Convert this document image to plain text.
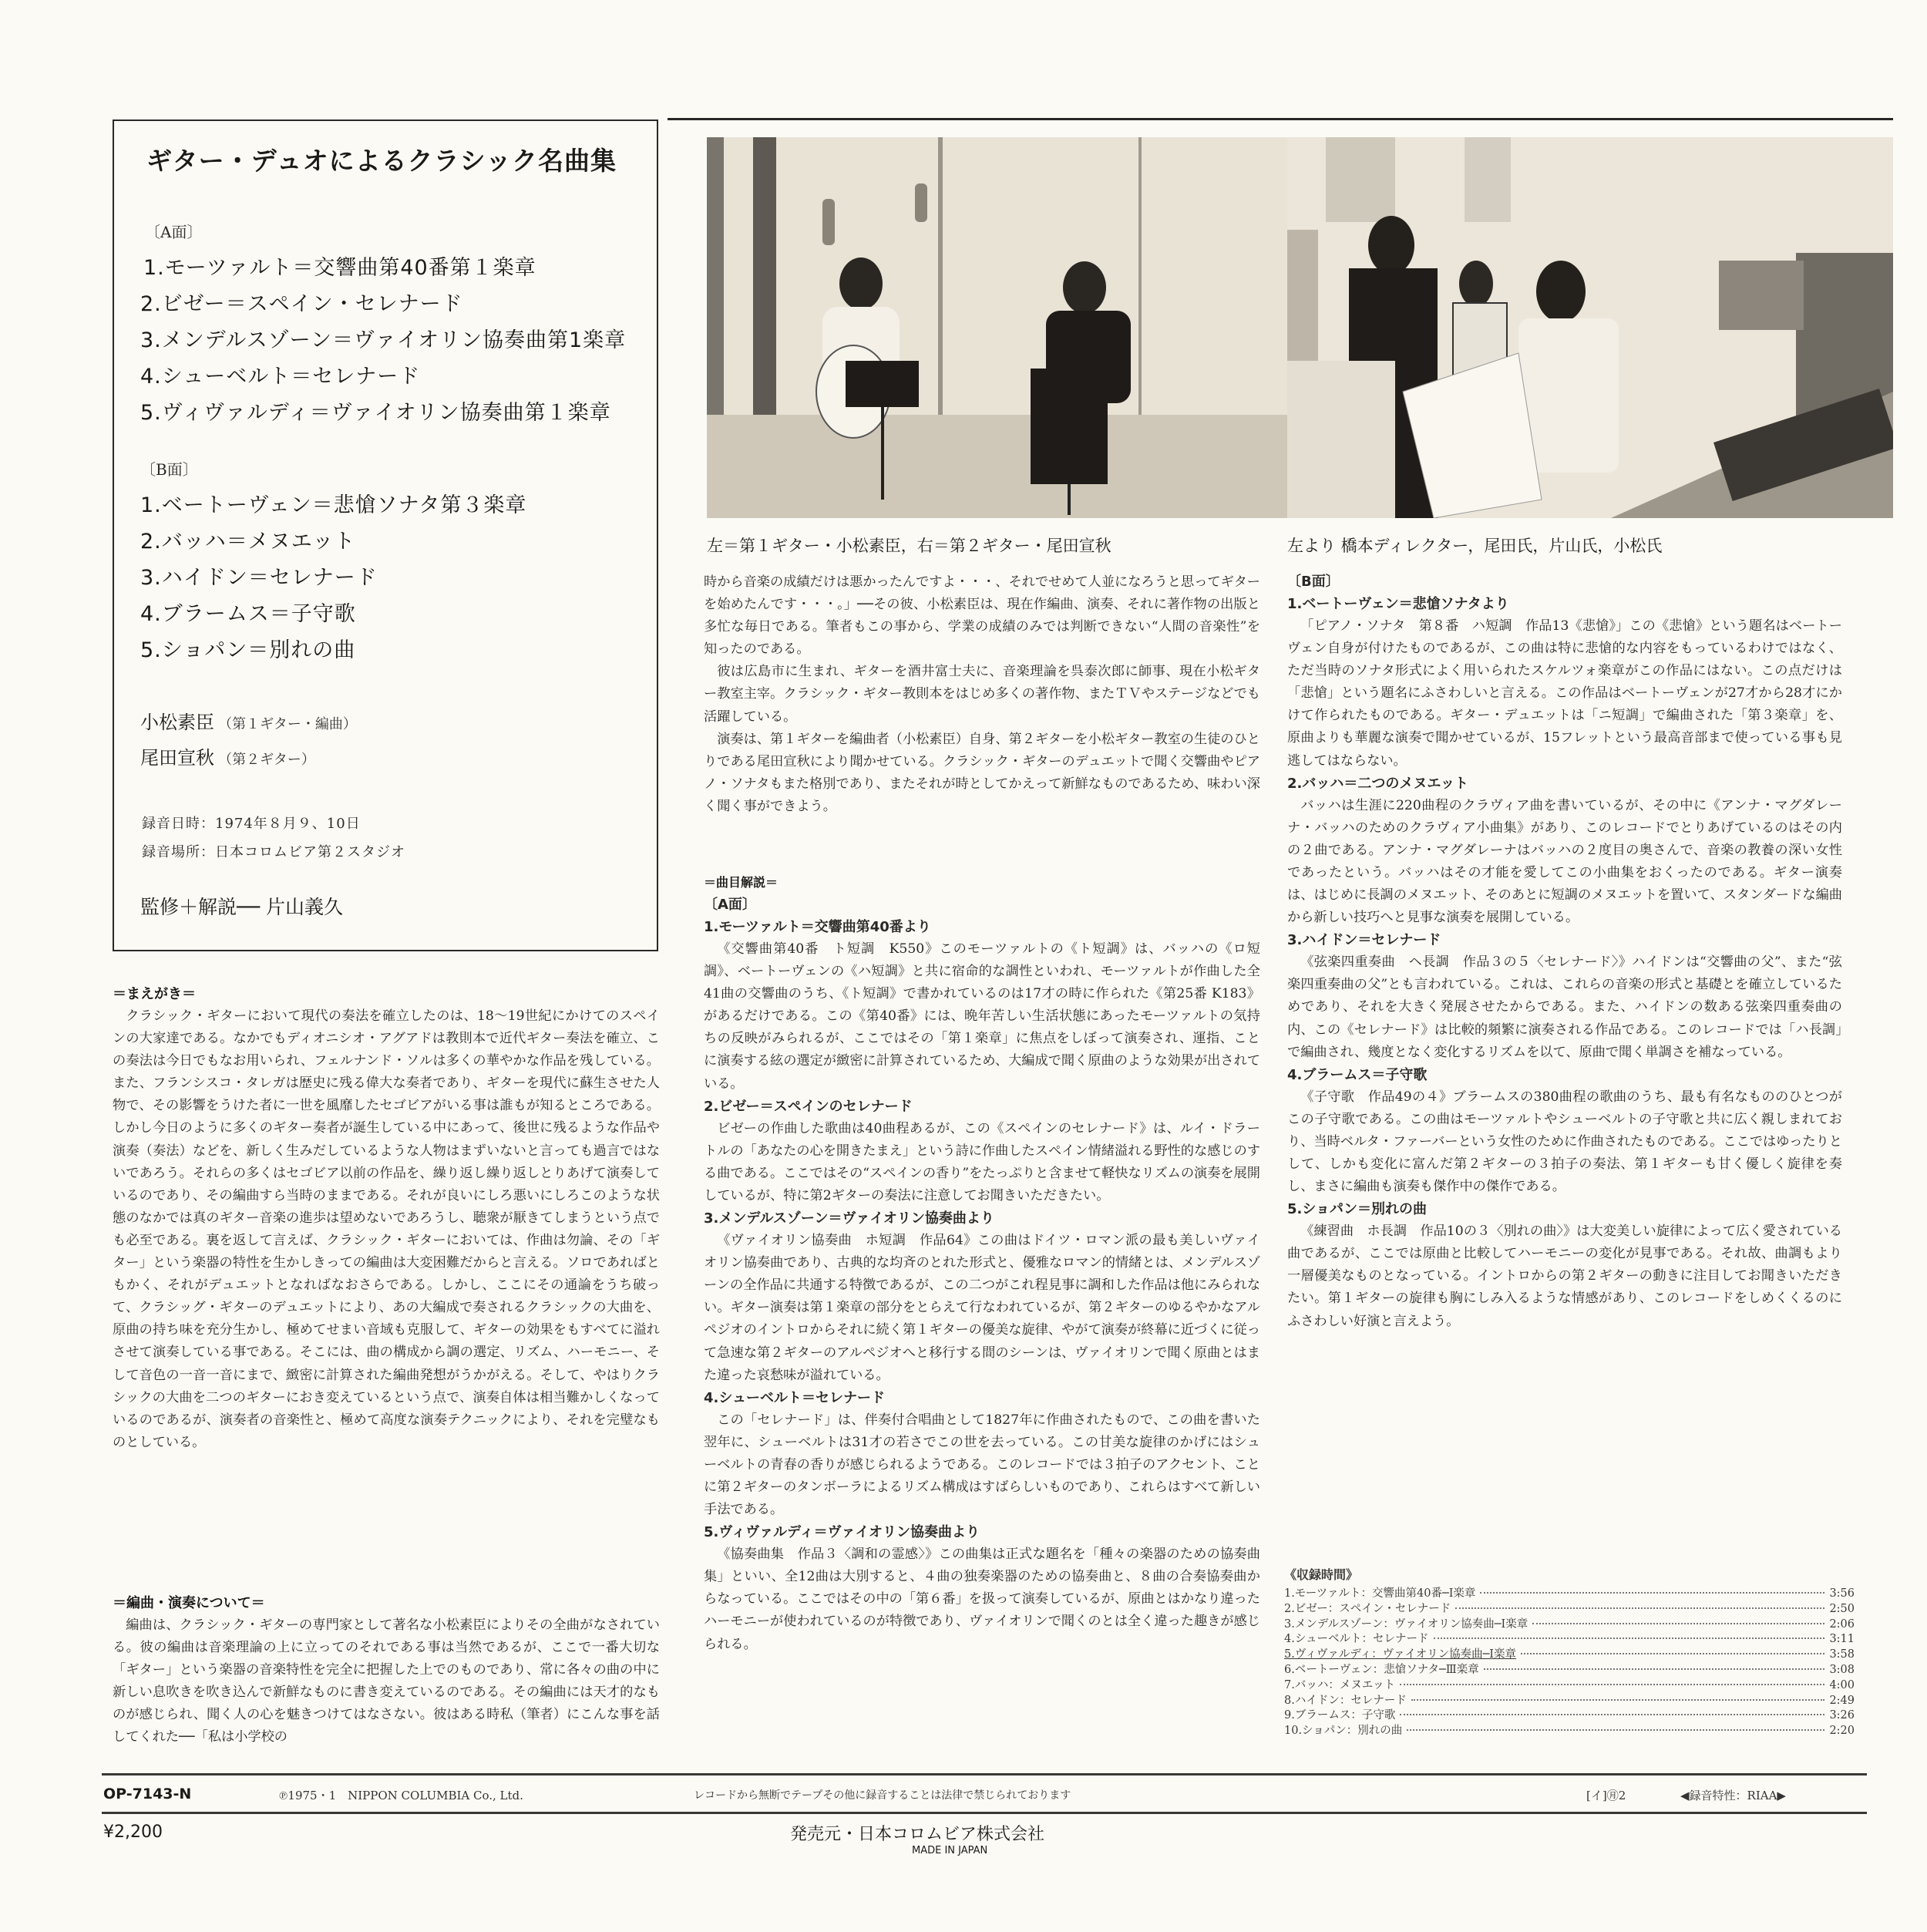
ギター・デュオによるクラシック名曲集
〔A面〕
1.モーツァルト＝交響曲第40番第１楽章
2.ビゼー＝スペイン・セレナード
3.メンデルスゾーン＝ヴァイオリン協奏曲第1楽章
4.シューベルト＝セレナード
5.ヴィヴァルディ＝ヴァイオリン協奏曲第１楽章
〔B面〕
1.ベートーヴェン＝悲愴ソナタ第３楽章
2.バッハ＝メヌエット
3.ハイドン＝セレナード
4.ブラームス＝子守歌
5.ショパン＝別れの曲
小松素臣 （第１ギター・編曲）
尾田宣秋 （第２ギター）
録音日時：1974年８月９、10日
録音場所：日本コロムビア第２スタジオ
監修＋解説── 片山義久
左＝第１ギター・小松素臣，右＝第２ギター・尾田宣秋	左より 橋本ディレクター，尾田氏，片山氏，小松氏
＝まえがき＝

クラシック・ギターにおいて現代の奏法を確立したのは、18〜19世紀にかけてのスペインの大家達である。なかでもディオニシオ・アグアドは教則本で近代ギター奏法を確立、この奏法は今日でもなお用いられ、フェルナンド・ソルは多くの華やかな作品を残している。また、フランシスコ・タレガは歴史に残る偉大な奏者であり、ギターを現代に蘇生させた人物で、その影響をうけた者に一世を風靡したセゴビアがいる事は誰もが知るところである。しかし今日のように多くのギター奏者が誕生している中にあって、後世に残るような作品や演奏（奏法）などを、新しく生みだしているような人物はまずいないと言っても過言ではないであろう。それらの多くはセゴビア以前の作品を、繰り返し繰り返しとりあげて演奏しているのであり、その編曲すら当時のままである。それが良いにしろ悪いにしろこのような状態のなかでは真のギター音楽の進歩は望めないであろうし、聴衆が厭きてしまうという点でも必至である。裏を返して言えば、クラシック・ギターにおいては、作曲は勿論、その「ギター」という楽器の特性を生かしきっての編曲は大変困難だからと言える。ソロであればともかく、それがデュエットとなればなおさらである。しかし、ここにその通論をうち破って、クラシッグ・ギターのデュエットにより、あの大編成で奏されるクラシックの大曲を、原曲の持ち味を充分生かし、極めてせまい音域も克服して、ギターの効果をもすべてに溢れさせて演奏している事である。そこには、曲の構成から調の選定、リズム、ハーモニー、そして音色の一音一音にまで、緻密に計算された編曲発想がうかがえる。そして、やはりクラシックの大曲を二つのギターにおき変えているという点で、演奏自体は相当難かしくなっているのであるが、演奏者の音楽性と、極めて高度な演奏テクニックにより、それを完璧なものとしている。

＝編曲・演奏について＝

編曲は、クラシック・ギターの専門家として著名な小松素臣によりその全曲がなされている。彼の編曲は音楽理論の上に立ってのそれである事は当然であるが、ここで一番大切な「ギター」という楽器の音楽特性を完全に把握した上でのものであり、常に各々の曲の中に新しい息吹きを吹き込んで新鮮なものに書き変えているのである。その編曲には天才的なものが感じられ、聞く人の心を魅きつけてはなさない。彼はある時私（筆者）にこんな事を話してくれた──「私は小学校の

時から音楽の成績だけは悪かったんですよ・・・、それでせめて人並になろうと思ってギターを始めたんです・・・。」──その彼、小松素臣は、現在作編曲、演奏、それに著作物の出版と多忙な毎日である。筆者もこの事から、学業の成績のみでは判断できない“人間の音楽性”を知ったのである。

彼は広島市に生まれ、ギターを酒井富士夫に、音楽理論を呉泰次郎に師事、現在小松ギター教室主宰。クラシック・ギター教則本をはじめ多くの著作物、またＴＶやステージなどでも活躍している。

演奏は、第１ギターを編曲者（小松素臣）自身、第２ギターを小松ギター教室の生徒のひとりである尾田宣秋により聞かせている。クラシック・ギターのデュエットで聞く交響曲やピアノ・ソナタもまた格別であり、またそれが時としてかえって新鮮なものであるため、味わい深く聞く事ができよう。

＝曲目解説＝
〔A面〕
1.モーツァルト＝交響曲第40番より

《交響曲第40番　ト短調　K550》このモーツァルトの《ト短調》は、バッハの《ロ短調》、ベートーヴェンの《ハ短調》と共に宿命的な調性といわれ、モーツァルトが作曲した全41曲の交響曲のうち、《ト短調》で書かれているのは17才の時に作られた《第25番 K183》があるだけである。この《第40番》には、晩年苦しい生活状態にあったモーツァルトの気持ちの反映がみられるが、ここではその「第１楽章」に焦点をしぼって演奏され、運指、ことに演奏する絃の選定が緻密に計算されているため、大編成で聞く原曲のような効果が出されている。

2.ビゼー＝スペインのセレナード

ビゼーの作曲した歌曲は40曲程あるが、この《スペインのセレナード》は、ルイ・ドラートルの「あなたの心を開きたまえ」という詩に作曲したスペイン情緒溢れる野性的な感じのする曲である。ここではその“スペインの香り”をたっぷりと含ませて軽快なリズムの演奏を展開しているが、特に第2ギターの奏法に注意してお聞きいただきたい。

3.メンデルスゾーン＝ヴァイオリン協奏曲より

《ヴァイオリン協奏曲　ホ短調　作品64》この曲はドイツ・ロマン派の最も美しいヴァイオリン協奏曲であり、古典的な均斉のとれた形式と、優雅なロマン的情緒とは、メンデルスゾーンの全作品に共通する特徴であるが、この二つがこれ程見事に調和した作品は他にみられない。ギター演奏は第１楽章の部分をとらえて行なわれているが、第２ギターのゆるやかなアルペジオのイントロからそれに続く第１ギターの優美な旋律、やがて演奏が終幕に近づくに従って急速な第２ギターのアルペジオへと移行する間のシーンは、ヴァイオリンで聞く原曲とはまた違った哀愁味が溢れている。

4.シューベルト＝セレナード

この「セレナード」は、伴奏付合唱曲として1827年に作曲されたもので、この曲を書いた翌年に、シューベルトは31才の若さでこの世を去っている。この甘美な旋律のかげにはシューベルトの青春の香りが感じられるようである。このレコードでは３拍子のアクセント、ことに第２ギターのタンボーラによるリズム構成はすばらしいものであり、これらはすべて新しい手法である。

5.ヴィヴァルディ＝ヴァイオリン協奏曲より

《協奏曲集　作品３〈調和の霊感〉》この曲集は正式な題名を「種々の楽器のための協奏曲集」といい、全12曲は大別すると、４曲の独奏楽器のための協奏曲と、８曲の合奏協奏曲からなっている。ここではその中の「第６番」を扱って演奏しているが、原曲とはかなり違ったハーモニーが使われているのが特徴であり、ヴァイオリンで聞くのとは全く違った趣きが感じられる。

〔B面〕
1.ベートーヴェン＝悲愴ソナタより

「ピアノ・ソナタ　第８番　ハ短調　作品13《悲愴》」この《悲愴》という題名はベートーヴェン自身が付けたものであるが、この曲は特に悲愴的な内容をもっているわけではなく、ただ当時のソナタ形式によく用いられたスケルツォ楽章がこの作品にはない。この点だけは「悲愴」という題名にふさわしいと言える。この作品はベートーヴェンが27才から28才にかけて作られたものである。ギター・デュエットは「ニ短調」で編曲された「第３楽章」を、原曲よりも華麗な演奏で聞かせているが、15フレットという最高音部まで使っている事も見逃してはならない。

2.バッハ＝二つのメヌエット

バッハは生涯に220曲程のクラヴィア曲を書いているが、その中に《アンナ・マグダレーナ・バッハのためのクラヴィア小曲集》があり、このレコードでとりあげているのはその内の２曲である。アンナ・マグダレーナはバッハの２度目の奥さんで、音楽の教養の深い女性であったという。バッハはその才能を愛してこの小曲集をおくったのである。ギター演奏は、はじめに長調のメヌエット、そのあとに短調のメヌエットを置いて、スタンダードな編曲から新しい技巧へと見事な演奏を展開している。

3.ハイドン＝セレナード

《弦楽四重奏曲　ヘ長調　作品３の５〈セレナード〉》ハイドンは“交響曲の父”、また“弦楽四重奏曲の父”とも言われている。これは、これらの音楽の形式と基礎とを確立しているためであり、それを大きく発展させたからである。また、ハイドンの数ある弦楽四重奏曲の内、この《セレナード》は比較的頻繁に演奏される作品である。このレコードでは「ハ長調」で編曲され、幾度となく変化するリズムを以て、原曲で聞く単調さを補なっている。

4.ブラームス＝子守歌

《子守歌　作品49の４》ブラームスの380曲程の歌曲のうち、最も有名なもののひとつがこの子守歌である。この曲はモーツァルトやシューベルトの子守歌と共に広く親しまれており、当時ベルタ・ファーバーという女性のために作曲されたものである。ここではゆったりとして、しかも変化に富んだ第２ギターの３拍子の奏法、第１ギターも甘く優しく旋律を奏し、まさに編曲も演奏も傑作中の傑作である。

5.ショパン＝別れの曲

《練習曲　ホ長調　作品10の３〈別れの曲〉》は大変美しい旋律によって広く愛されている曲であるが、ここでは原曲と比較してハーモニーの変化が見事である。それ故、曲調もより一層優美なものとなっている。イントロからの第２ギターの動きに注目してお聞きいただきたい。第１ギターの旋律も胸にしみ入るような情感があり、このレコードをしめくくるのにふさわしい好演と言えよう。

《収録時間》
1.モーツァルト：交響曲第40番─Ⅰ楽章	3:56
2.ビゼー：スペイン・セレナード	2:50
3.メンデルスゾーン：ヴァイオリン協奏曲─Ⅰ楽章	2:06
4.シューベルト：セレナード	3:11
5.ヴィヴァルディ：ヴァイオリン協奏曲─Ⅰ楽章	3:58
6.ベートーヴェン：悲愴ソナタ─Ⅲ楽章	3:08
7.バッハ：メヌエット	4:00
8.ハイドン：セレナード	2:49
9.ブラームス：子守歌	3:26
10.ショパン：別れの曲	2:20
OP-7143-N	℗1975・1　NIPPON COLUMBIA Co., Ltd.	レコードから無断でテープその他に録音することは法律で禁じられております	[イ]㊊2	◀録音特性：RIAA▶
¥2,200	発売元・日本コロムビア株式会社
MADE IN JAPAN
